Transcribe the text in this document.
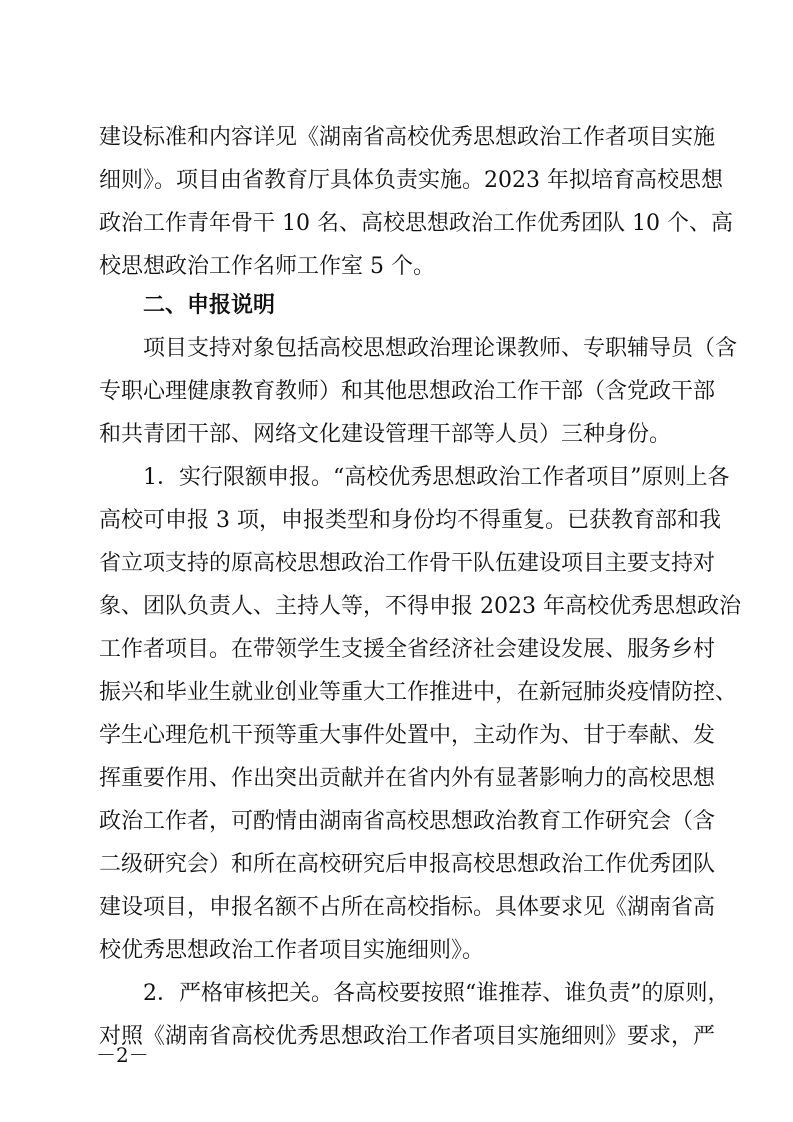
建设标准和内容详见《湖南省高校优秀思想政治工作者项目实施
细则》。项目由省教育厅具体负责实施。2023 年拟培育高校思想
政治工作青年骨干 10 名、高校思想政治工作优秀团队 10 个、高
校思想政治工作名师工作室 5 个。
二、申报说明
项目支持对象包括高校思想政治理论课教师、专职辅导员（含
专职心理健康教育教师）和其他思想政治工作干部（含党政干部
和共青团干部、网络文化建设管理干部等人员）三种身份。
1．实行限额申报。“高校优秀思想政治工作者项目”原则上各
高校可申报 3 项，申报类型和身份均不得重复。已获教育部和我
省立项支持的原高校思想政治工作骨干队伍建设项目主要支持对
象、团队负责人、主持人等，不得申报 2023 年高校优秀思想政治
工作者项目。在带领学生支援全省经济社会建设发展、服务乡村
振兴和毕业生就业创业等重大工作推进中，在新冠肺炎疫情防控、
学生心理危机干预等重大事件处置中，主动作为、甘于奉献、发
挥重要作用、作出突出贡献并在省内外有显著影响力的高校思想
政治工作者，可酌情由湖南省高校思想政治教育工作研究会（含
二级研究会）和所在高校研究后申报高校思想政治工作优秀团队
建设项目，申报名额不占所在高校指标。具体要求见《湖南省高
校优秀思想政治工作者项目实施细则》。
2．严格审核把关。各高校要按照“谁推荐、谁负责”的原则，
对照《湖南省高校优秀思想政治工作者项目实施细则》要求，严
－2－
